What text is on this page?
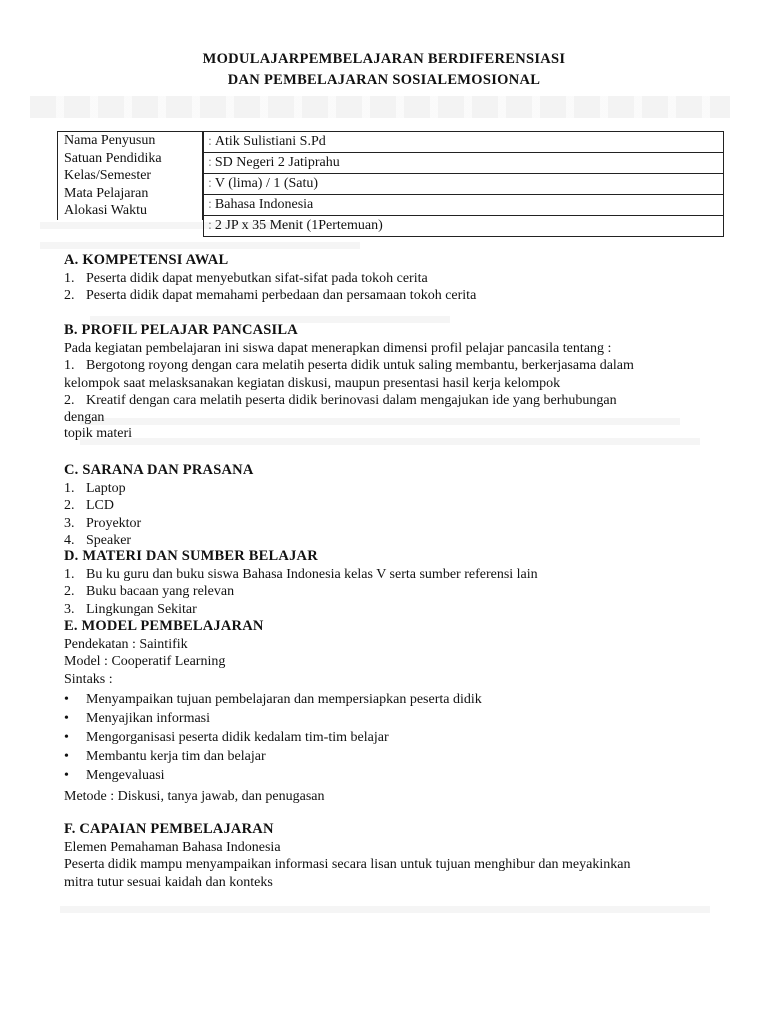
MODULAJARPEMBELAJARAN BERDIFERENSIASI
DAN PEMBELAJARAN SOSIALEMOSIONAL
Nama Penyusun
Satuan Pendidika
Kelas/Semester
Mata Pelajaran
Alokasi Waktu
: Atik Sulistiani S.Pd
: SD Negeri 2 Jatiprahu
: V (lima) / 1 (Satu)
: Bahasa Indonesia
: 2 JP x 35 Menit (1Pertemuan)
A. KOMPETENSI AWAL
1. Peserta didik dapat menyebutkan sifat-sifat pada tokoh cerita
2. Peserta didik dapat memahami perbedaan dan persamaan tokoh cerita
B. PROFIL PELAJAR PANCASILA
Pada kegiatan pembelajaran ini siswa dapat menerapkan dimensi profil pelajar pancasila tentang :
1. Bergotong royong dengan cara melatih peserta didik untuk saling membantu, berkerjasama dalam
kelompok saat melasksanakan kegiatan diskusi, maupun presentasi hasil kerja kelompok
2. Kreatif dengan cara melatih peserta didik berinovasi dalam mengajukan ide yang berhubungan
dengan
topik materi
C. SARANA DAN PRASANA
1. Laptop
2. LCD
3. Proyektor
4. Speaker
D. MATERI DAN SUMBER BELAJAR
1. Bu ku guru dan buku siswa Bahasa Indonesia kelas V serta sumber referensi lain
2. Buku bacaan yang relevan
3. Lingkungan Sekitar
E. MODEL PEMBELAJARAN
Pendekatan : Saintifik
Model : Cooperatif Learning
Sintaks :
• Menyampaikan tujuan pembelajaran dan mempersiapkan peserta didik
• Menyajikan informasi
• Mengorganisasi peserta didik kedalam tim-tim belajar
• Membantu kerja tim dan belajar
• Mengevaluasi
Metode : Diskusi, tanya jawab, dan penugasan
F. CAPAIAN PEMBELAJARAN
Elemen Pemahaman Bahasa Indonesia
Peserta didik mampu menyampaikan informasi secara lisan untuk tujuan menghibur dan meyakinkan
mitra tutur sesuai kaidah dan konteks
